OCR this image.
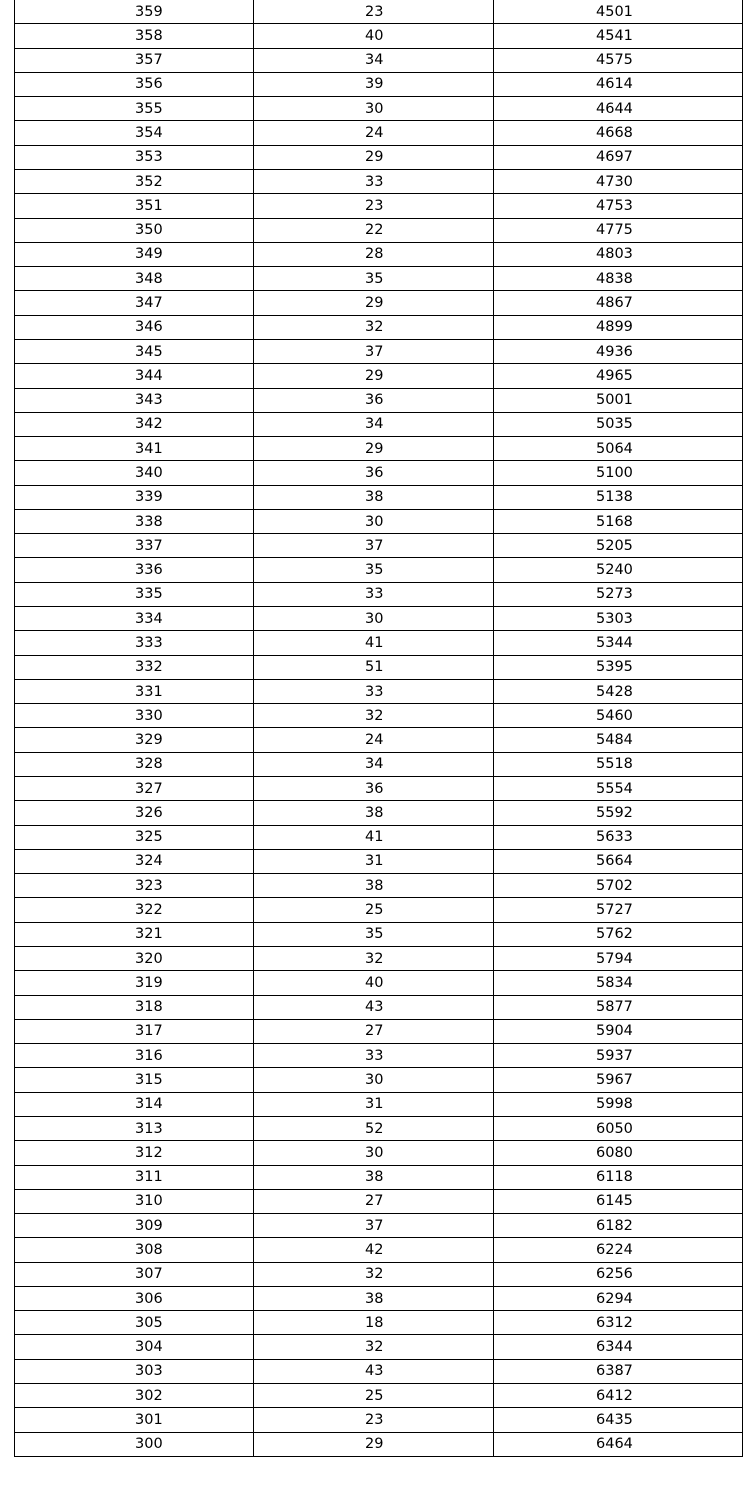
359	23	4501
358	40	4541
357	34	4575
356	39	4614
355	30	4644
354	24	4668
353	29	4697
352	33	4730
351	23	4753
350	22	4775
349	28	4803
348	35	4838
347	29	4867
346	32	4899
345	37	4936
344	29	4965
343	36	5001
342	34	5035
341	29	5064
340	36	5100
339	38	5138
338	30	5168
337	37	5205
336	35	5240
335	33	5273
334	30	5303
333	41	5344
332	51	5395
331	33	5428
330	32	5460
329	24	5484
328	34	5518
327	36	5554
326	38	5592
325	41	5633
324	31	5664
323	38	5702
322	25	5727
321	35	5762
320	32	5794
319	40	5834
318	43	5877
317	27	5904
316	33	5937
315	30	5967
314	31	5998
313	52	6050
312	30	6080
311	38	6118
310	27	6145
309	37	6182
308	42	6224
307	32	6256
306	38	6294
305	18	6312
304	32	6344
303	43	6387
302	25	6412
301	23	6435
300	29	6464
